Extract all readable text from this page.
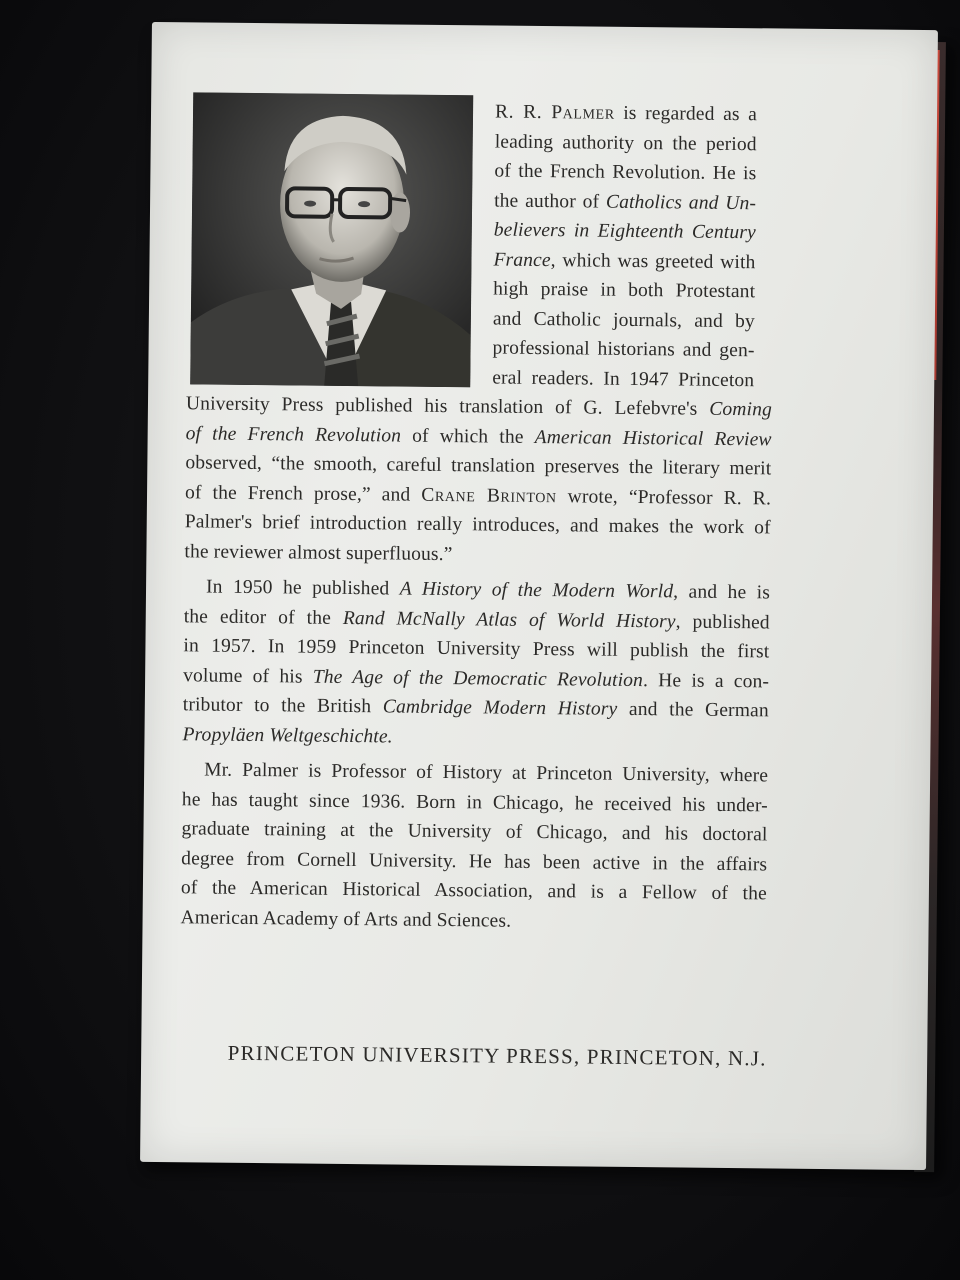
R. R. Palmer is regarded as a
leading authority on the period
of the French Revolution. He is
the author of Catholics and Un-
believers in Eighteenth Century
France, which was greeted with
high praise in both Protestant
and Catholic journals, and by
professional historians and gen-
eral readers. In 1947 Princeton
University Press published his translation of G. Lefebvre's Coming
of the French Revolution of which the American Historical Review
observed, “the smooth, careful translation preserves the literary merit
of the French prose,” and Crane Brinton wrote, “Professor R. R.
Palmer's brief introduction really introduces, and makes the work of
the reviewer almost superfluous.”
In 1950 he published A History of the Modern World, and he is
the editor of the Rand McNally Atlas of World History, published
in 1957. In 1959 Princeton University Press will publish the first
volume of his The Age of the Democratic Revolution. He is a con-
tributor to the British Cambridge Modern History and the German
Propyläen Weltgeschichte.
Mr. Palmer is Professor of History at Princeton University, where
he has taught since 1936. Born in Chicago, he received his under-
graduate training at the University of Chicago, and his doctoral
degree from Cornell University. He has been active in the affairs
of the American Historical Association, and is a Fellow of the
American Academy of Arts and Sciences.
PRINCETON UNIVERSITY PRESS, PRINCETON, N.J.
